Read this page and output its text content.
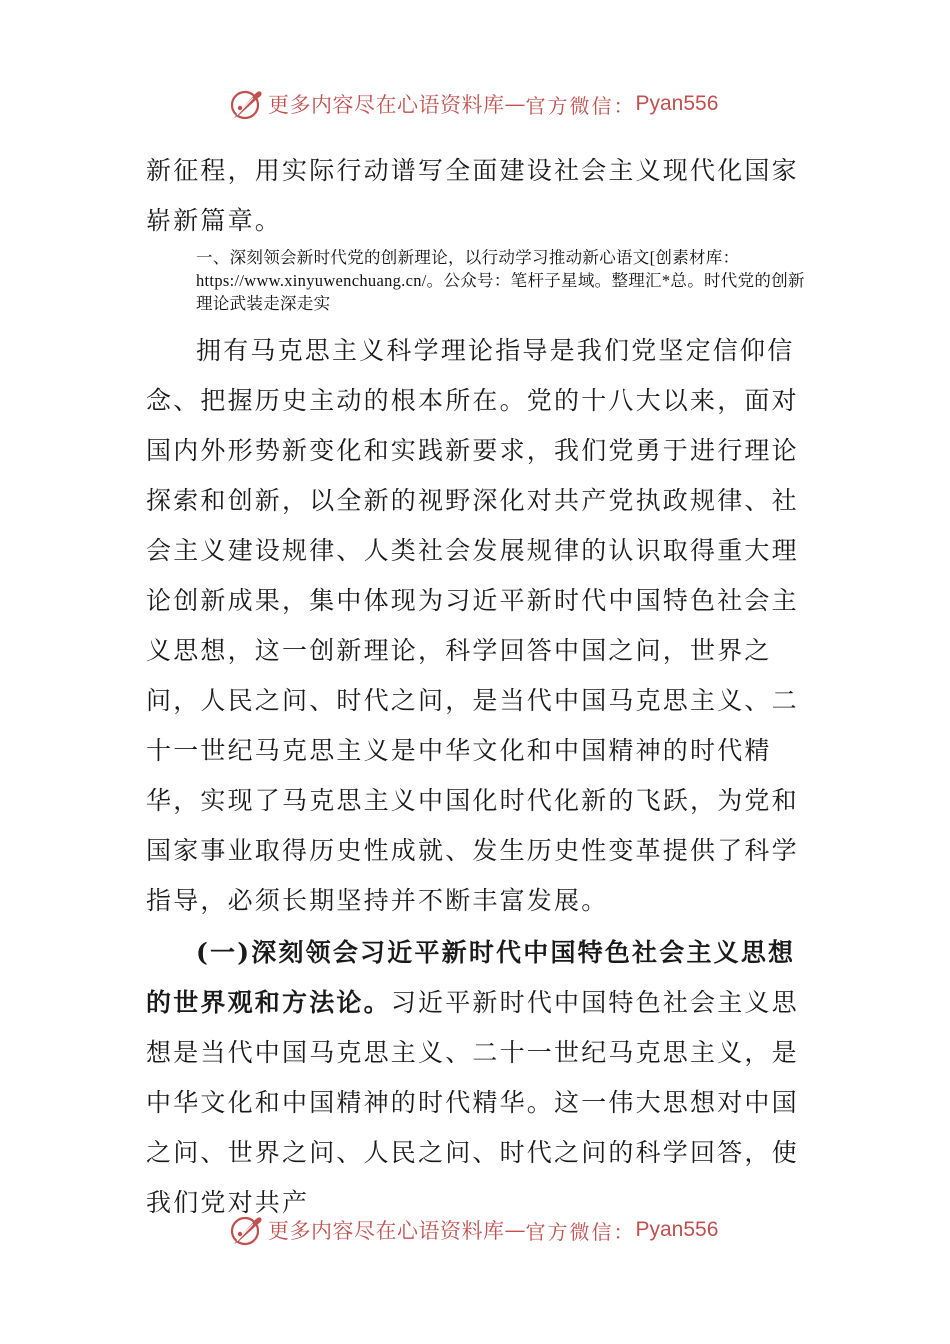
更多内容尽在心语资料库 — 官方微信： Pyan556

新征程，用实际行动谱写全面建设社会主义现代化国家崭新篇章。

一、深刻领会新时代党的创新理论，以行动学习推动新心语文[创素材库：https://www.xinyuwenchuang.cn/。公众号：笔杆子星域。整理汇*总。时代党的创新理论武装走深走实

拥有马克思主义科学理论指导是我们党坚定信仰信念、把握历史主动的根本所在。党的十八大以来，面对国内外形势新变化和实践新要求，我们党勇于进行理论探索和创新，以全新的视野深化对共产党执政规律、社会主义建设规律、人类社会发展规律的认识取得重大理论创新成果，集中体现为习近平新时代中国特色社会主义思想，这一创新理论，科学回答中国之问，世界之问，人民之问、时代之问，是当代中国马克思主义、二十一世纪马克思主义是中华文化和中国精神的时代精华，实现了马克思主义中国化时代化新的飞跃，为党和国家事业取得历史性成就、发生历史性变革提供了科学指导，必须长期坚持并不断丰富发展。

(一)深刻领会习近平新时代中国特色社会主义思想的世界观和方法论。习近平新时代中国特色社会主义思想是当代中国马克思主义、二十一世纪马克思主义，是中华文化和中国精神的时代精华。这一伟大思想对中国之问、世界之问、人民之问、时代之问的科学回答，使我们党对共产

更多内容尽在心语资料库 — 官方微信： Pyan556
